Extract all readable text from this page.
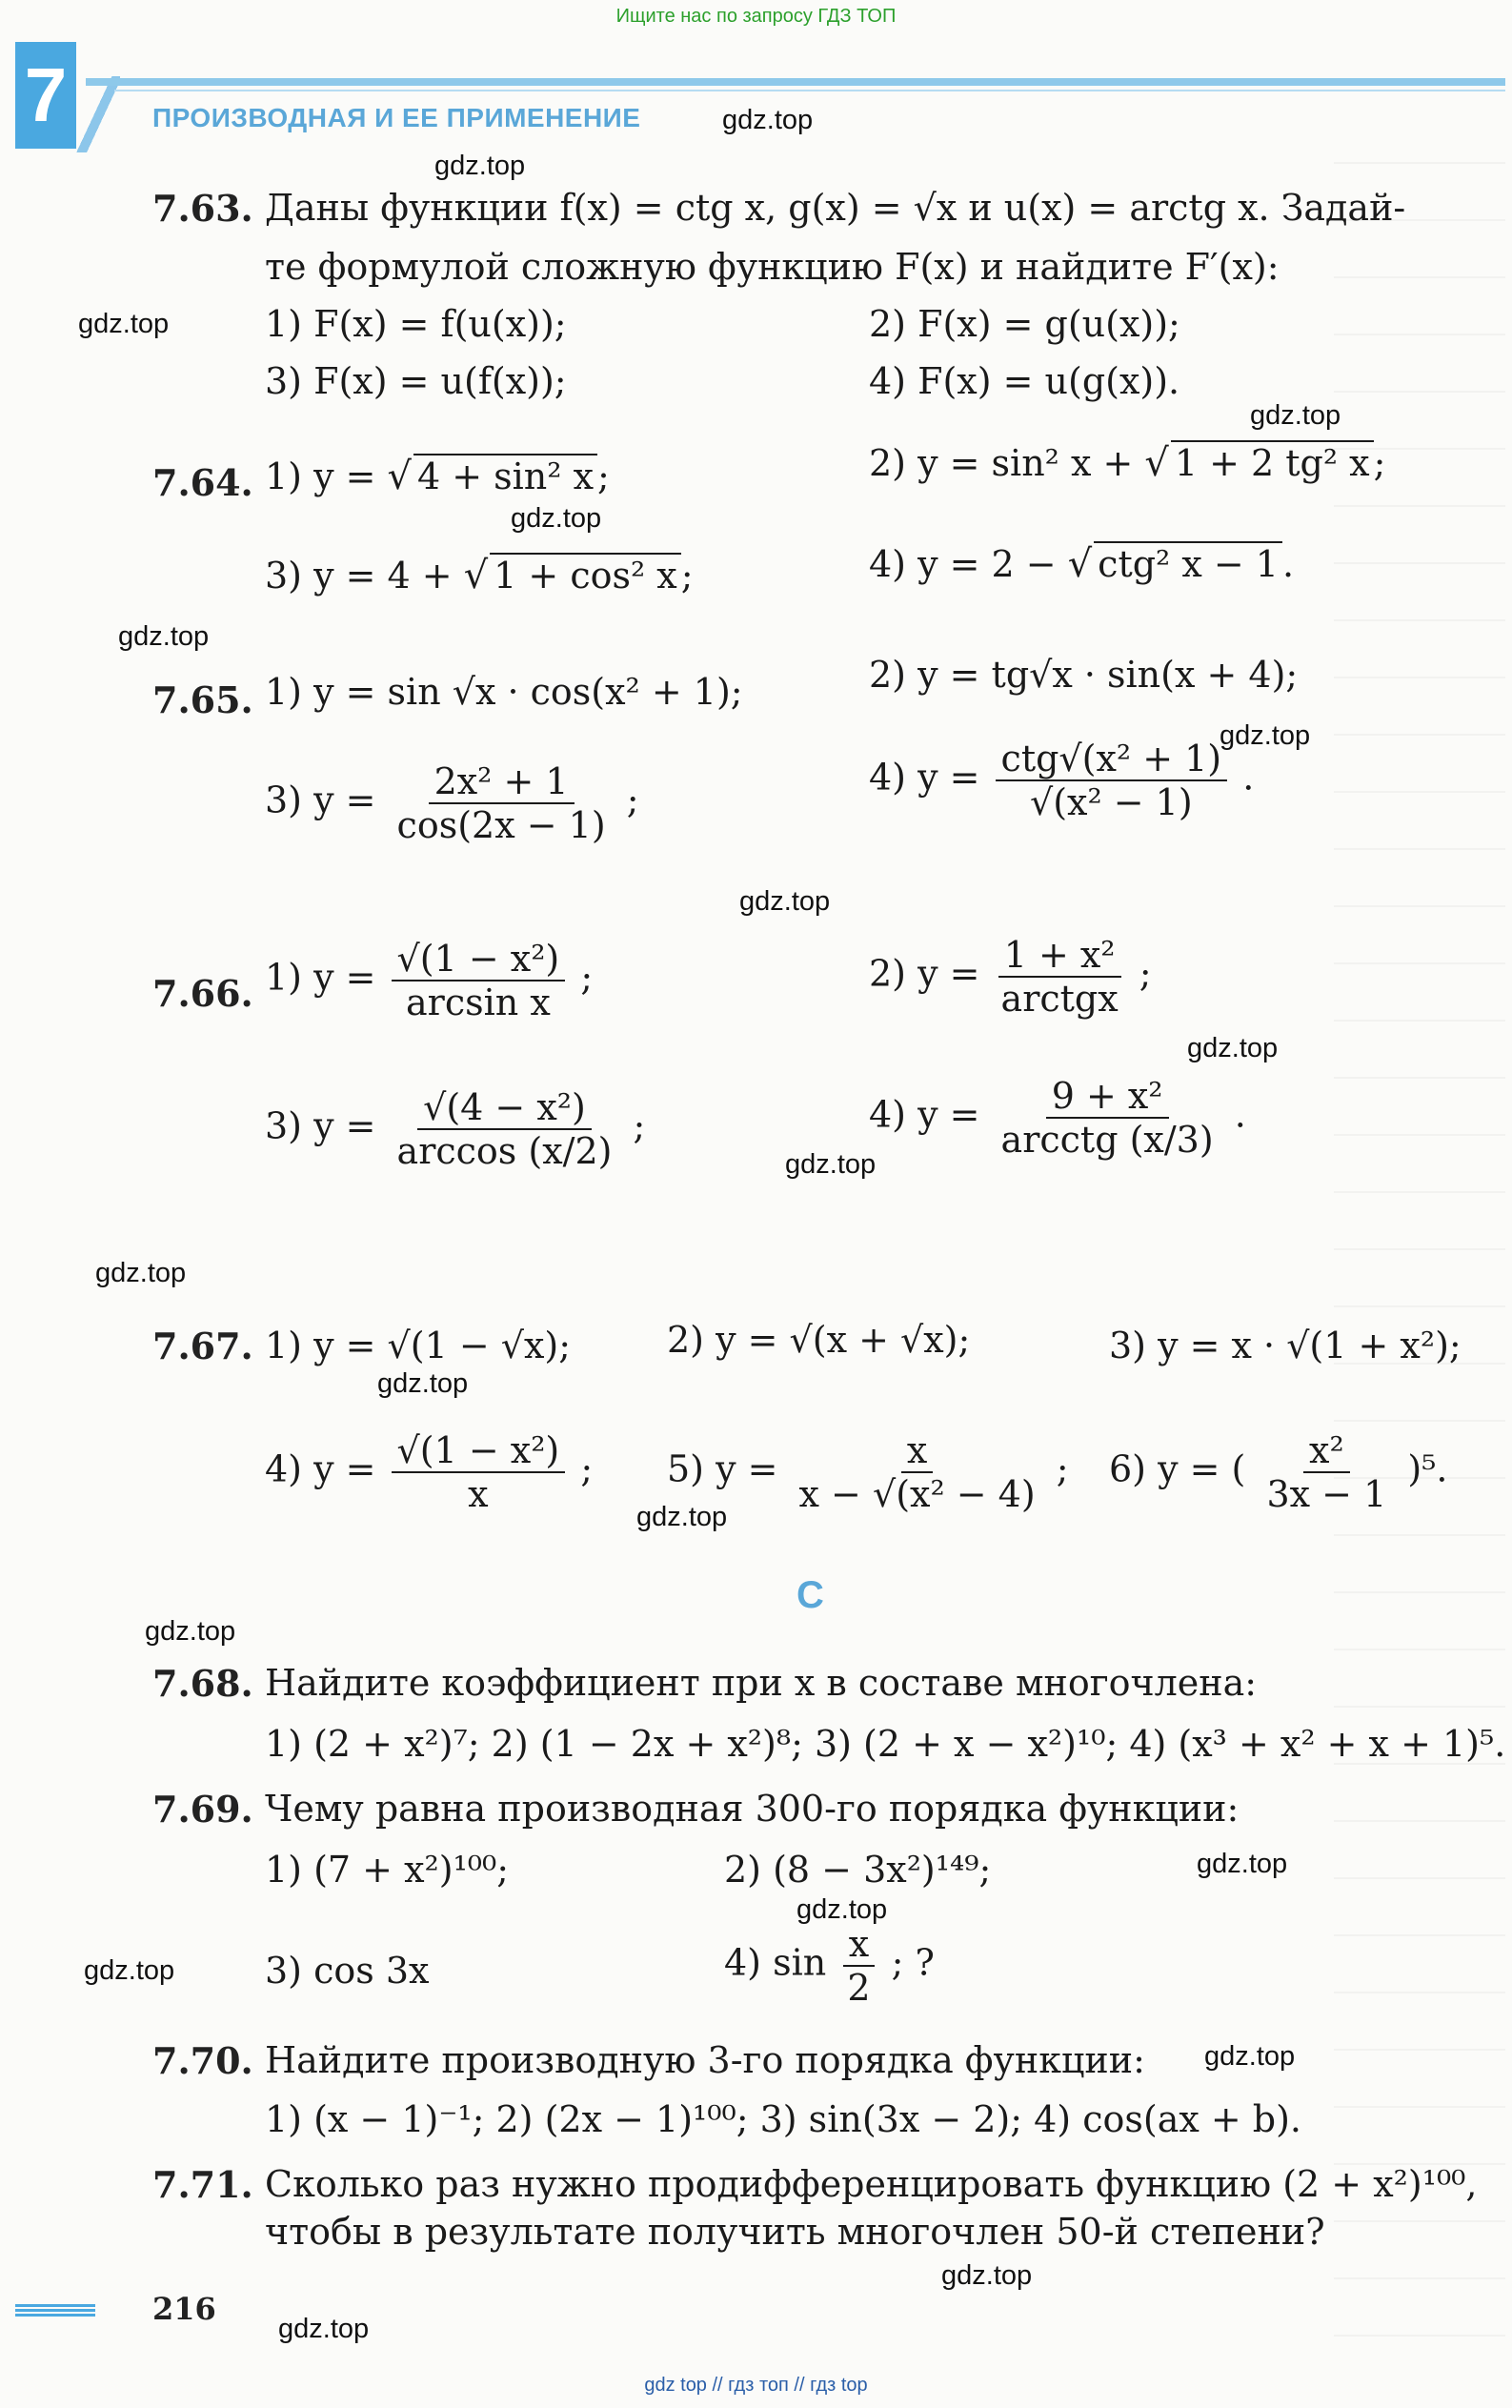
Ищите нас по запросу ГДЗ ТОП
7	ПРОИЗВОДНАЯ И ЕЕ ПРИМЕНЕНИЕ	gdz.top
gdz.top
gdz.top
gdz.top
gdz.top
gdz.top
gdz.top
gdz.top
gdz.top
gdz.top
gdz.top
gdz.top
gdz.top
gdz.top
gdz.top
gdz.top
gdz.top
gdz.top
gdz.top
gdz.top
7.63. Даны функции f(x) = ctg x, g(x) = √x и u(x) = arctg x. Задай-
те формулой сложную функцию F(x) и найдите F′(x):
1) F(x) = f(u(x));	2) F(x) = g(u(x));
3) F(x) = u(f(x));	4) F(x) = u(g(x)).
7.64. 1) y = √ 4 + sin² x ;	2) y = sin² x + √ 1 + 2 tg² x ;
3) y = 4 + √ 1 + cos² x ;	4) y = 2 − √ ctg² x − 1 .
7.65. 1) y = sin √x · cos(x² + 1);	2) y = tg√x · sin(x + 4);
3) $y = \frac{\text{2x² + 1}}{\cos(2x - 1)}$ ;
4) $y = \frac{\text{ctg√(x² + 1)}}{\text{√(x² − 1)}}$ .
7.66. 1) $y = \frac{\text{√(1 − x²)}}{\text{arcsin x}}$ ;	2) $y = \frac{\text{1 + x²}}{\text{arctgx}}$ ;
3) $y = \frac{\text{√(4 − x²)}}{\arccos (x/2)}$ ;	4) $y = \frac{\text{9 + x²}}{\text{arcctg (x/3)}}$ .
7.67. 1) y = √(1 − √x);	2) y = √(x + √x);	3) y = x · √(1 + x²);
4) $y = \frac{\text{√(1 − x²)}}{x}$ ; 5) $y = \frac{x}{\text{x − √(x² − 4)}}$ ; 6) y = ( $\frac{\text{x²}}{3x - 1} )^5$.
C
7.68. Найдите коэффициент при x в составе многочлена:
1) (2 + x²)⁷; 2) (1 − 2x + x²)⁸; 3) (2 + x − x²)¹⁰; 4) (x³ + x² + x + 1)⁵.
7.69. Чему равна производная 300-го порядка функции:
1) (7 + x²)¹⁰⁰;	2) (8 − 3x²)¹⁴⁹;
3) cos 3x	4) $\sin \frac{x}{2}$ ; ?
7.70. Найдите производную 3-го порядка функции:
1) (x − 1)⁻¹; 2) (2x − 1)¹⁰⁰; 3) sin(3x − 2); 4) cos(ax + b).
7.71. Сколько раз нужно продифференцировать функцию (2 + x²)¹⁰⁰,
чтобы в результате получить многочлен 50-й степени?
216
gdz top // гдз топ // гдз top
